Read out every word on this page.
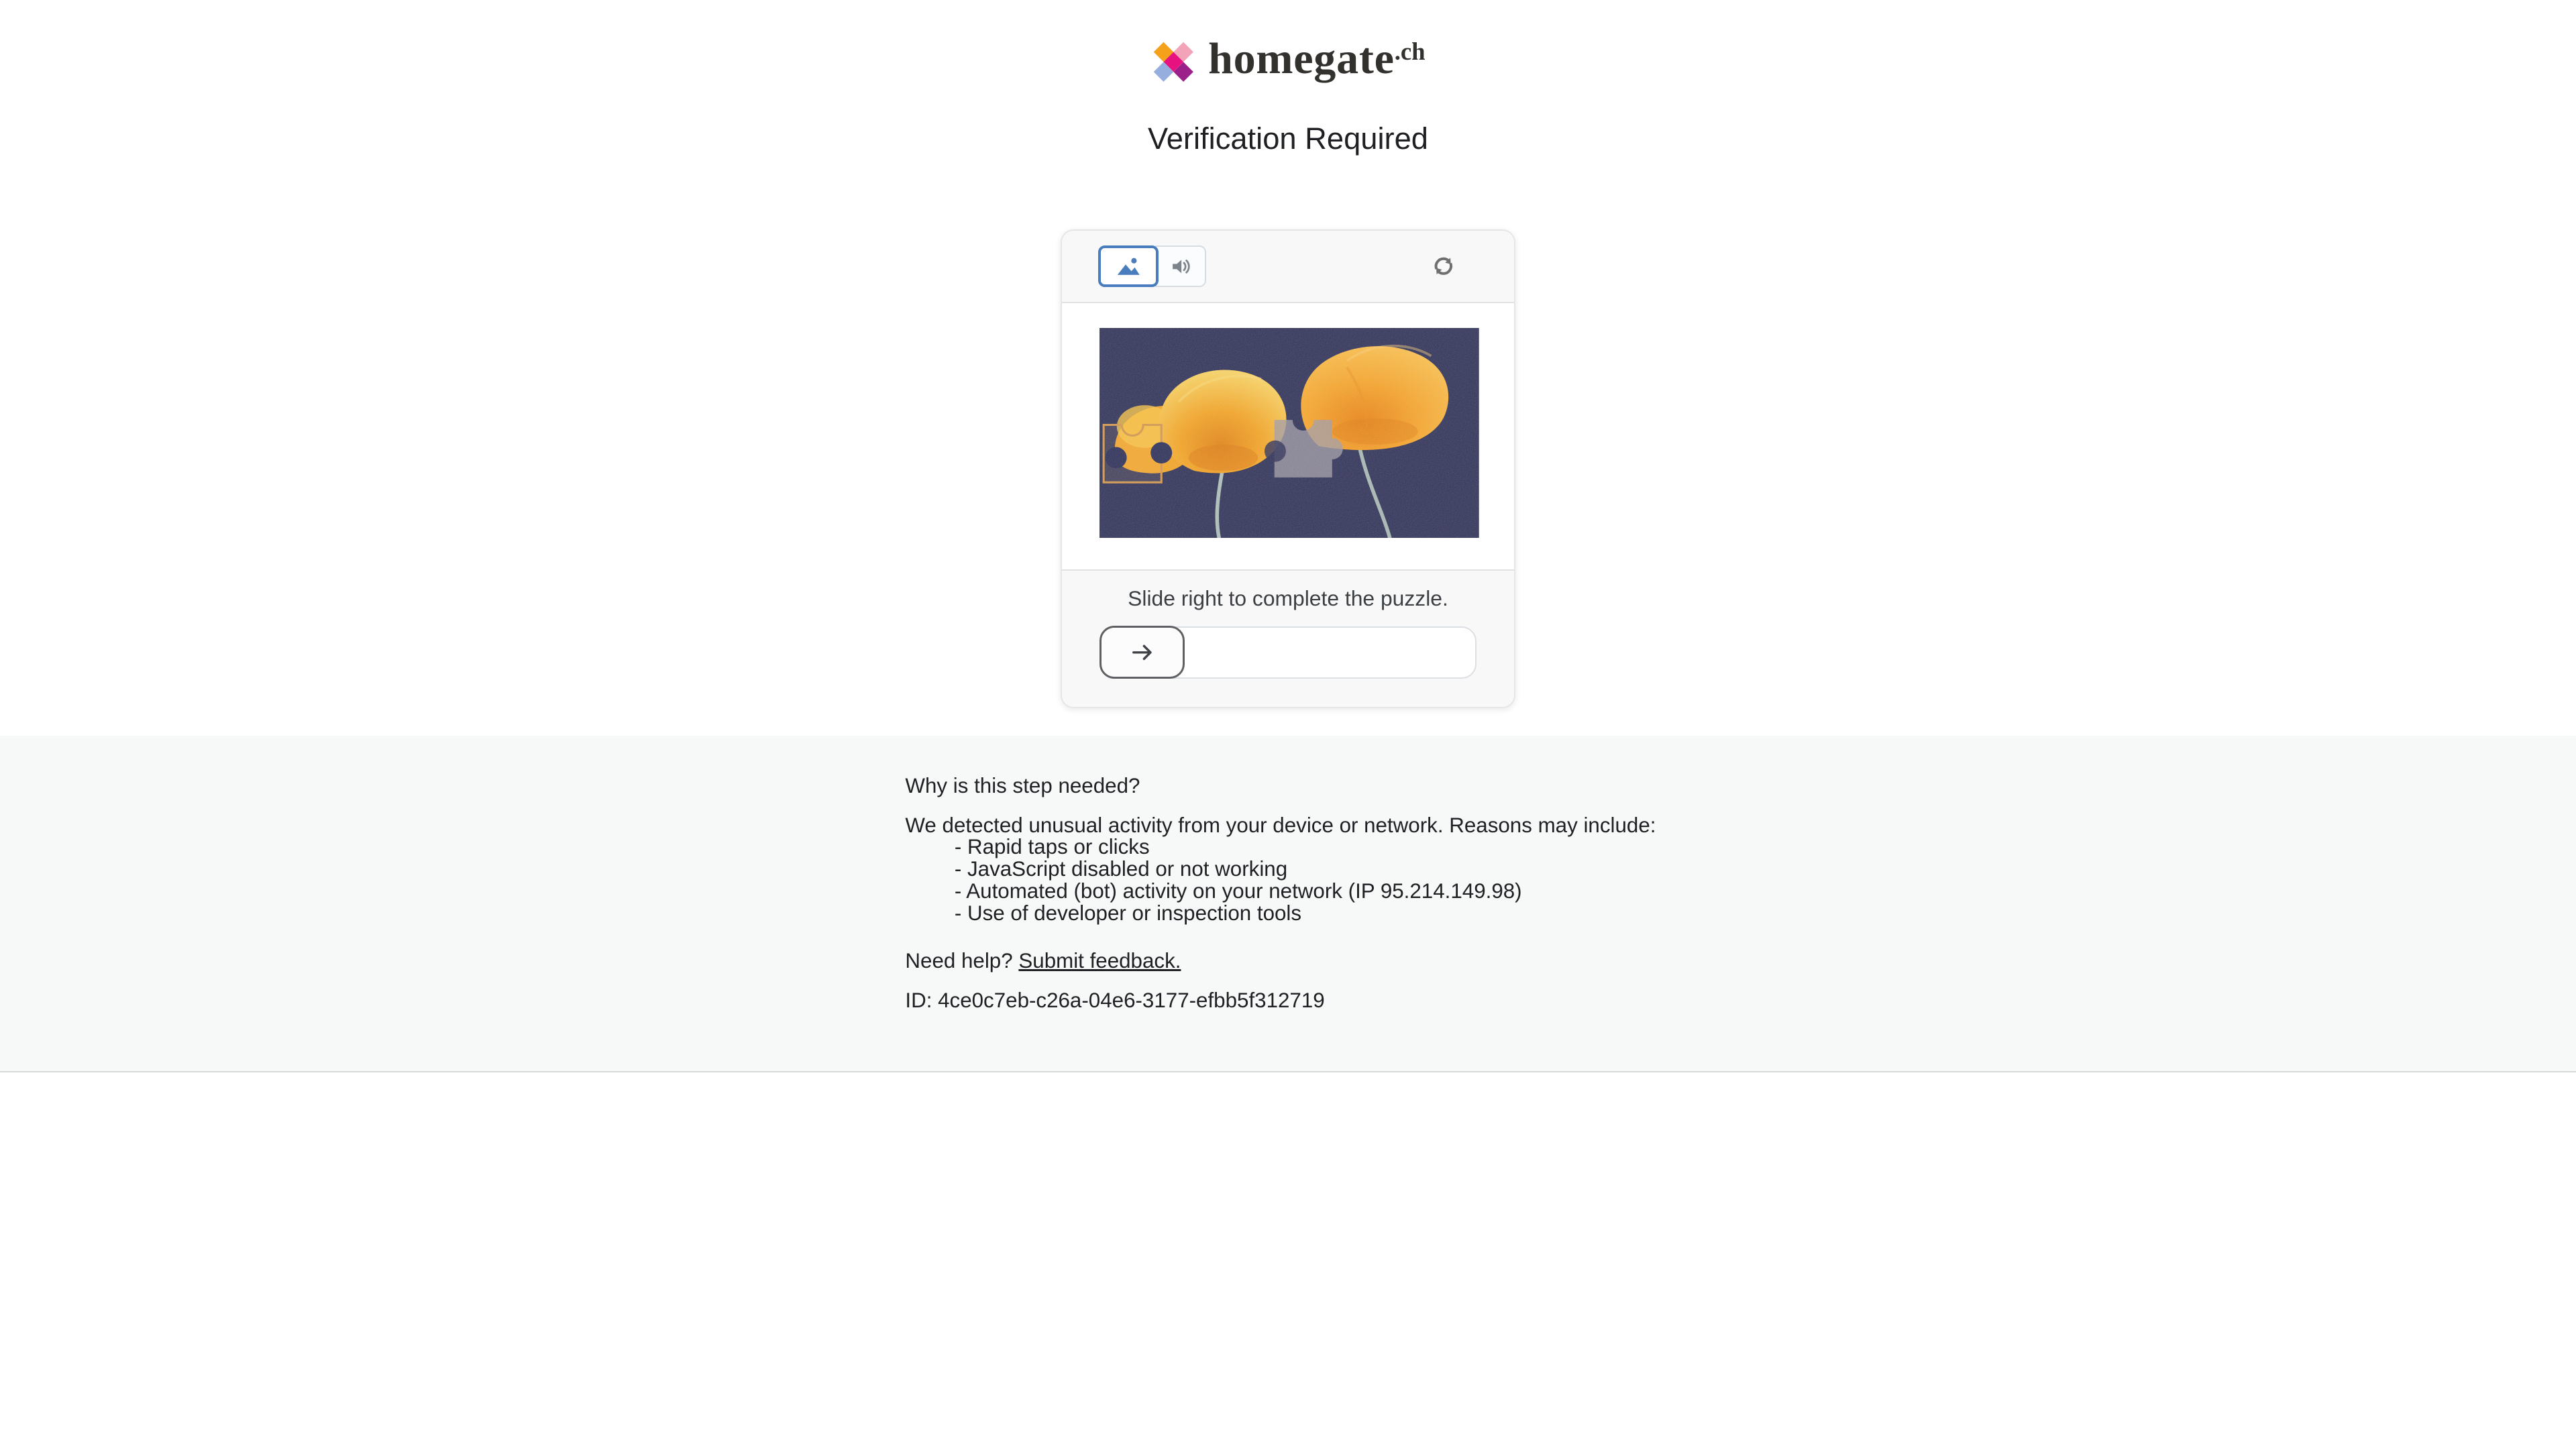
homegate$^{.ch}$
Verification Required

Slide right to complete the puzzle.

Why is this step needed?

We detected unusual activity from your device or network. Reasons may include:

- Rapid taps or clicks
- JavaScript disabled or not working
- Automated (bot) activity on your network (IP 95.214.149.98)
- Use of developer or inspection tools

Need help? Submit feedback.

ID: 4ce0c7eb-c26a-04e6-3177-efbb5f312719
